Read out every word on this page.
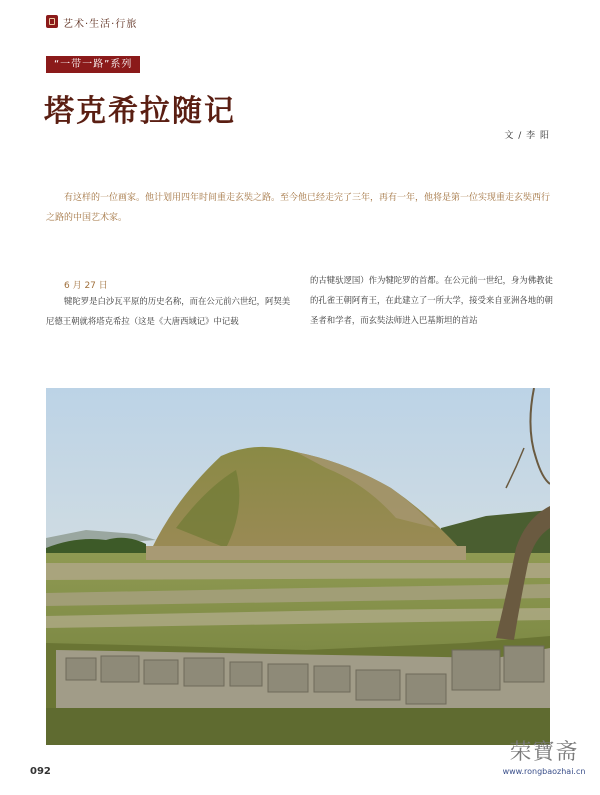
艺术·生活·行旅
“一带一路”系列
塔克希拉随记
文 / 李 阳

有这样的一位画家。他计划用四年时间重走玄奘之路。至今他已经走完了三年，再有一年，他将是第一位实现重走玄奘西行之路的中国艺术家。

6 月 27 日

犍陀罗是白沙瓦平原的历史名称，而在公元前六世纪，阿契美尼德王朝就将塔克希拉（这是《大唐西域记》中记载

的古犍驮逻国）作为犍陀罗的首都。在公元前一世纪，身为佛教徒的孔雀王朝阿育王，在此建立了一所大学，接受来自亚洲各地的朝圣者和学者，而玄奘法师进入巴基斯坦的首站

092
荣寶斋
www.rongbaozhai.cn
